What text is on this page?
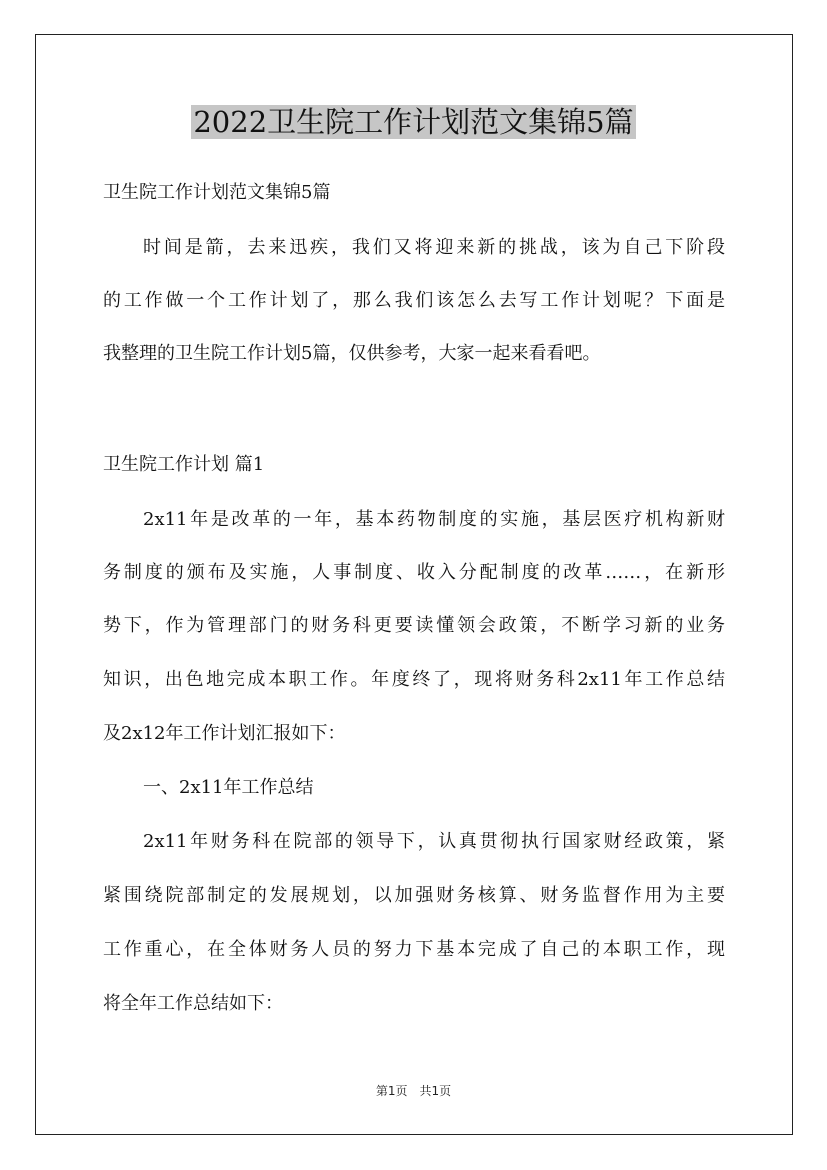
2022卫生院工作计划范文集锦5篇
卫生院工作计划范文集锦5篇
时间是箭，去来迅疾，我们又将迎来新的挑战，该为自己下阶段
的工作做一个工作计划了，那么我们该怎么去写工作计划呢？下面是
我整理的卫生院工作计划5篇，仅供参考，大家一起来看看吧。
卫生院工作计划 篇1
2x11年是改革的一年，基本药物制度的实施，基层医疗机构新财
务制度的颁布及实施，人事制度、收入分配制度的改革……，在新形
势下，作为管理部门的财务科更要读懂领会政策，不断学习新的业务
知识，出色地完成本职工作。年度终了，现将财务科2x11年工作总结
及2x12年工作计划汇报如下：
一、2x11年工作总结
2x11年财务科在院部的领导下，认真贯彻执行国家财经政策，紧
紧围绕院部制定的发展规划，以加强财务核算、财务监督作用为主要
工作重心，在全体财务人员的努力下基本完成了自己的本职工作，现
将全年工作总结如下：
第1页　共1页
